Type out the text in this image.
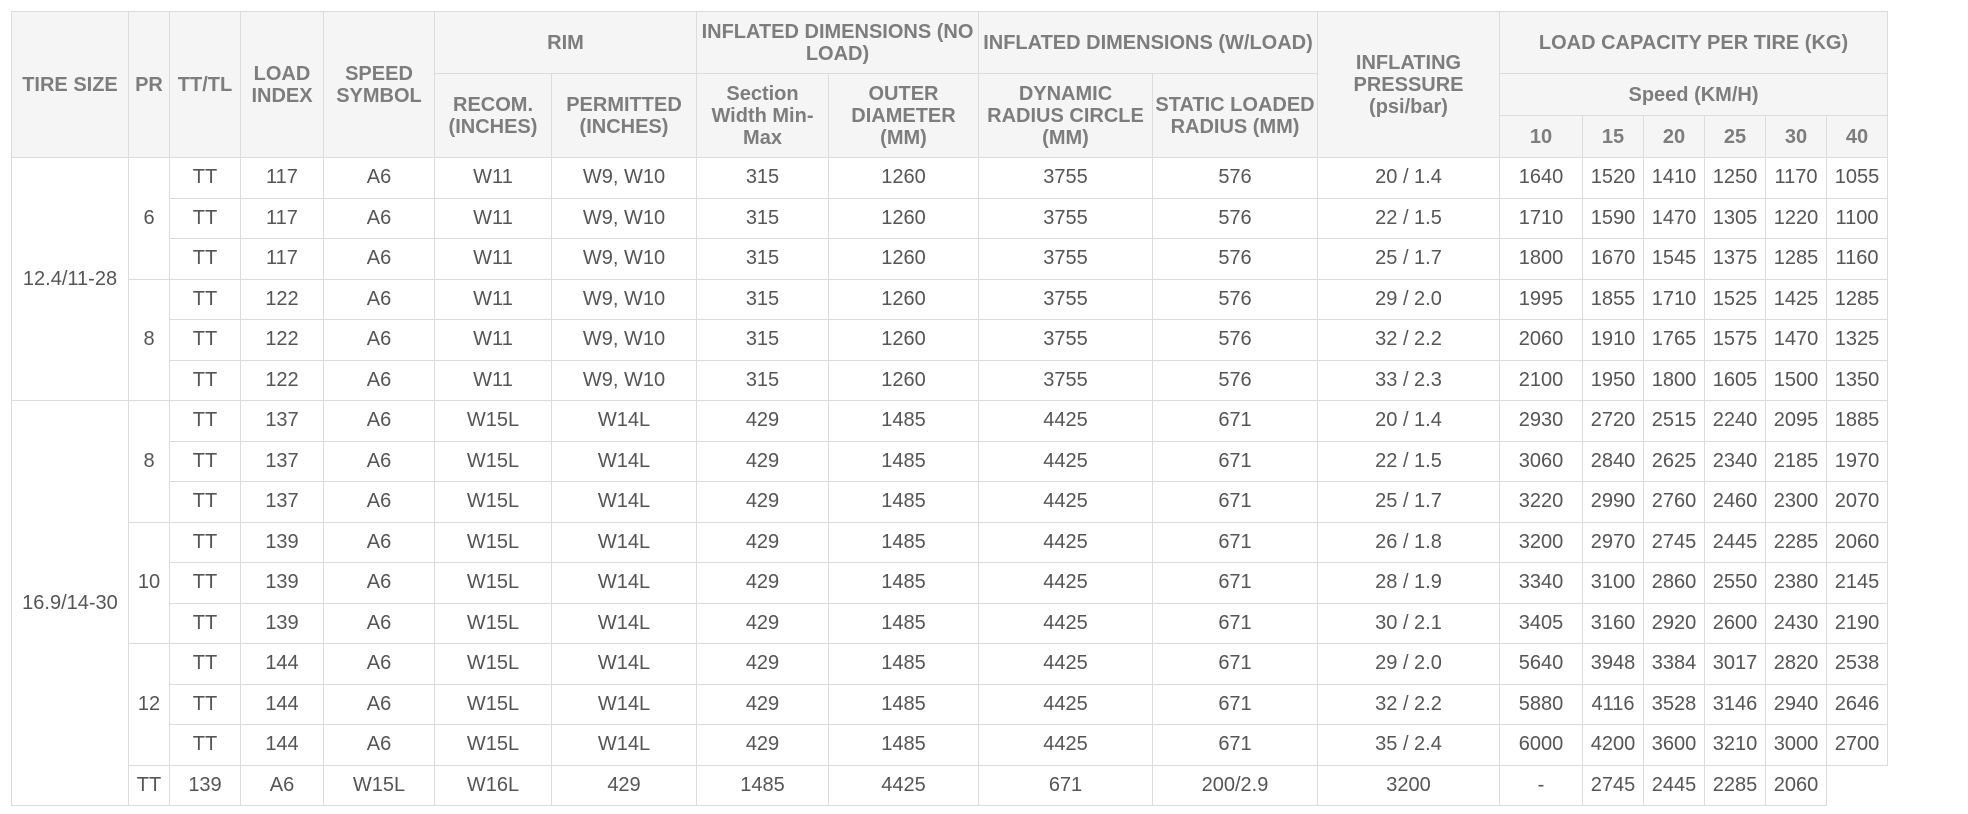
TIRE SIZE	PR	TT/TL	LOAD INDEX	SPEED SYMBOL	RIM		INFLATED DIMENSIONS (NO LOAD)		INFLATED DIMENSIONS (W/LOAD)		INFLATING PRESSURE (psi/bar)	LOAD CAPACITY PER TIRE (KG)					
					RECOM. (INCHES)	PERMITTED (INCHES)	Section Width Min-Max	OUTER DIAMETER (MM)	DYNAMIC RADIUS CIRCLE (MM)	STATIC LOADED RADIUS (MM)		Speed (KM/H)					
												10	15	20	25	30	40
12.4/11-28	6	TT	117	A6	W11	W9, W10	315	1260	3755	576	20 / 1.4	1640	1520	1410	1250	1170	1055
		TT	117	A6	W11	W9, W10	315	1260	3755	576	22 / 1.5	1710	1590	1470	1305	1220	1100
		TT	117	A6	W11	W9, W10	315	1260	3755	576	25 / 1.7	1800	1670	1545	1375	1285	1160
	8	TT	122	A6	W11	W9, W10	315	1260	3755	576	29 / 2.0	1995	1855	1710	1525	1425	1285
		TT	122	A6	W11	W9, W10	315	1260	3755	576	32 / 2.2	2060	1910	1765	1575	1470	1325
		TT	122	A6	W11	W9, W10	315	1260	3755	576	33 / 2.3	2100	1950	1800	1605	1500	1350
16.9/14-30	8	TT	137	A6	W15L	W14L	429	1485	4425	671	20 / 1.4	2930	2720	2515	2240	2095	1885
		TT	137	A6	W15L	W14L	429	1485	4425	671	22 / 1.5	3060	2840	2625	2340	2185	1970
		TT	137	A6	W15L	W14L	429	1485	4425	671	25 / 1.7	3220	2990	2760	2460	2300	2070
	10	TT	139	A6	W15L	W14L	429	1485	4425	671	26 / 1.8	3200	2970	2745	2445	2285	2060
		TT	139	A6	W15L	W14L	429	1485	4425	671	28 / 1.9	3340	3100	2860	2550	2380	2145
		TT	139	A6	W15L	W14L	429	1485	4425	671	30 / 2.1	3405	3160	2920	2600	2430	2190
	12	TT	144	A6	W15L	W14L	429	1485	4425	671	29 / 2.0	5640	3948	3384	3017	2820	2538
		TT	144	A6	W15L	W14L	429	1485	4425	671	32 / 2.2	5880	4116	3528	3146	2940	2646
		TT	144	A6	W15L	W14L	429	1485	4425	671	35 / 2.4	6000	4200	3600	3210	3000	2700
	TT	139	A6	W15L	W16L	429	1485	4425	671	200/2.9	3200	-	2745	2445	2285	2060	
